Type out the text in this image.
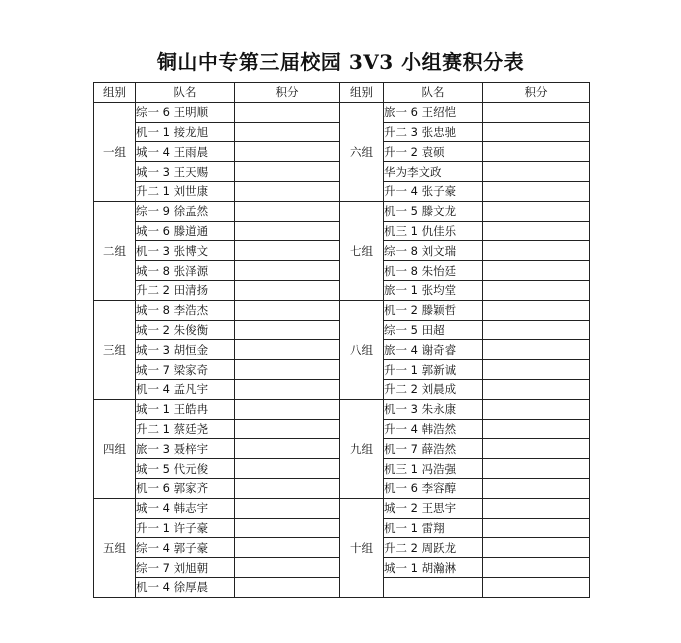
铜山中专第三届校园 3V3 小组赛积分表
组别	队名	积分	组别	队名	积分
一组	综一 6 王明顺		六组	旅一 6 王绍恺	
	机一 1 接龙旭			升二 3 张忠驰	
	城一 4 王雨晨			升一 2 袁硕	
	城一 3 王天赐			华为李文政	
	升二 1 刘世康			升一 4 张子豪	
二组	综一 9 徐孟然		七组	机一 5 滕文龙	
	城一 6 滕道通			机三 1 仇佳乐	
	机一 3 张博文			综一 8 刘文瑞	
	城一 8 张泽源			机一 8 朱怡廷	
	升二 2 田清扬			旅一 1 张均堂	
三组	城一 8 李浩杰		八组	机一 2 滕颖哲	
	城一 2 朱俊衡			综一 5 田超	
	城一 3 胡恒金			旅一 4 谢奇睿	
	城一 7 梁家奇			升一 1 郭新诚	
	机一 4 孟凡宇			升二 2 刘晨成	
四组	城一 1 王皓冉		九组	机一 3 朱永康	
	升二 1 蔡廷尧			升一 4 韩浩然	
	旅一 3 聂梓宇			机一 7 薛浩然	
	城一 5 代元俊			机三 1 冯浩强	
	机一 6 郭家齐			机一 6 李容醇	
五组	城一 4 韩志宇		十组	城一 2 王思宇	
	升一 1 许子豪			机一 1 雷翔	
	综一 4 郭子豪			升二 2 周跃龙	
	综一 7 刘旭朝			城一 1 胡瀚淋	
	机一 4 徐厚晨				
